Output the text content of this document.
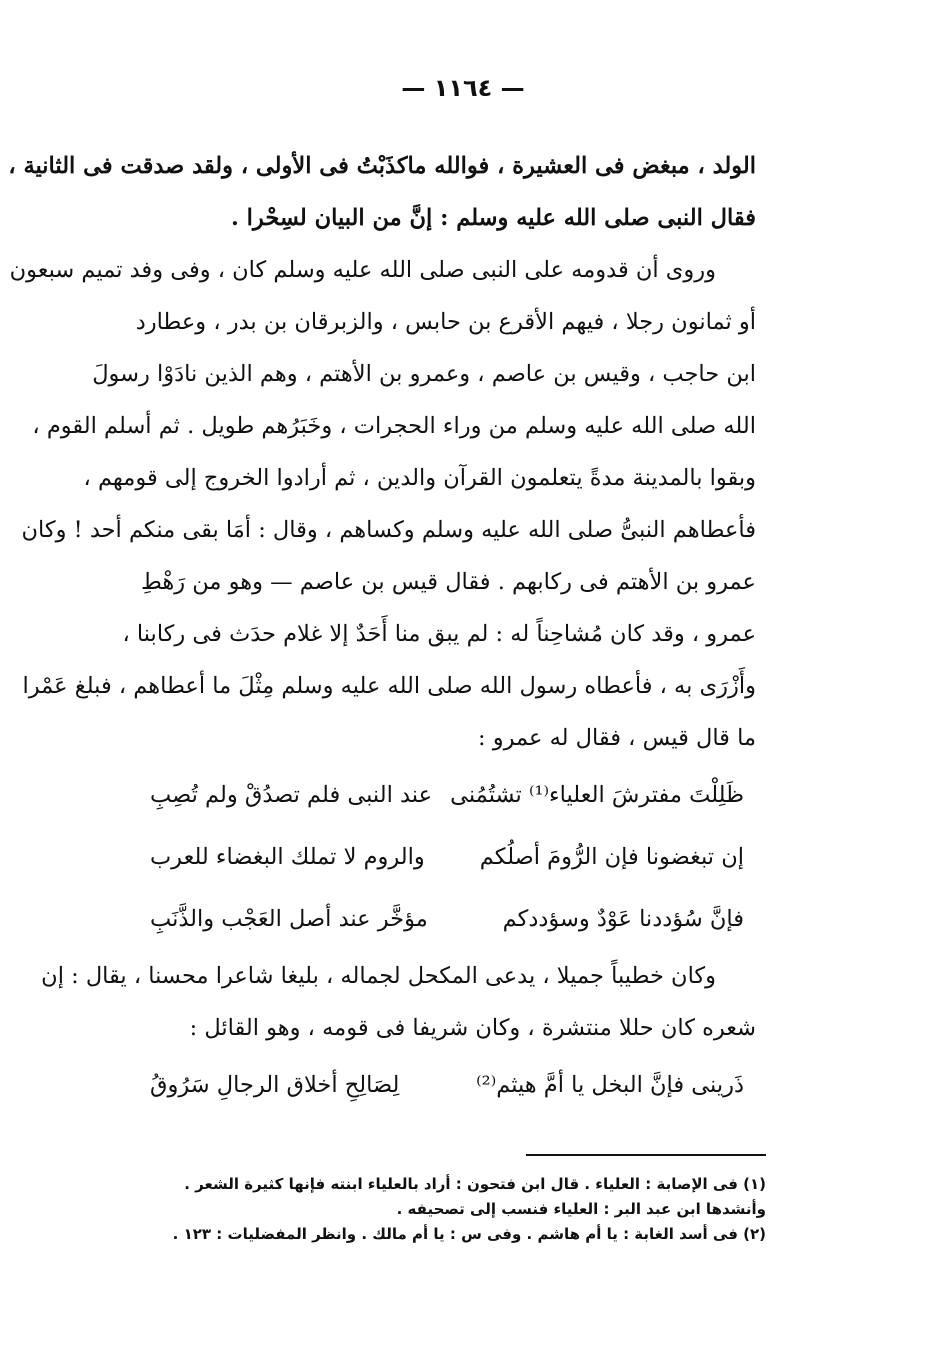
— ١١٦٤ —
الولد ، مبغض فى العشيرة ، فوالله ماكذَبْتُ فى الأولى ، ولقد صدقت فى الثانية ،
فقال النبى صلى الله عليه وسلم : إنَّ من البيان لسِحْرا .
وروى أن قدومه على النبى صلى الله عليه وسلم كان ، وفى وفد تميم سبعون
أو ثمانون رجلا ، فيهم الأقرع بن حابس ، والزبرقان بن بدر ، وعطارد
ابن حاجب ، وقيس بن عاصم ، وعمرو بن الأهتم ، وهم الذين نادَوْا رسولَ
الله صلى الله عليه وسلم من وراء الحجرات ، وخَبَرُهم طويل . ثم أسلم القوم ،
وبقوا بالمدينة مدةً يتعلمون القرآن والدين ، ثم أرادوا الخروج إلى قومهم ،
فأعطاهم النبىُّ صلى الله عليه وسلم وكساهم ، وقال : أمَا بقى منكم أحد ! وكان
عمرو بن الأهتم فى ركابهم . فقال قيس بن عاصم — وهو من رَهْطِ
عمرو ، وقد كان مُشاحِناً له : لم يبق منا أَحَدٌ إلا غلام حدَث فى ركابنا ،
وأَزْرَى به ، فأعطاه رسول الله صلى الله عليه وسلم مِثْلَ ما أعطاهم ، فبلغ عَمْرا
ما قال قيس ، فقال له عمرو :
ظَلِلْتَ مفترشَ العلياء⁽¹⁾ تشتُمُنى
عند النبى فلم تصدُقْ ولم تُصِبِ
إن تبغضونا فإن الرُّومَ أصلُكم
والروم لا تملك البغضاء للعرب
فإنَّ سُؤددنا عَوْدٌ وسؤددكم
مؤخَّر عند أصل العَجْب والذَّنَبِ
وكان خطيباً جميلا ، يدعى المكحل لجماله ، بليغا شاعرا محسنا ، يقال : إن
شعره كان حللا منتشرة ، وكان شريفا فى قومه ، وهو القائل :
ذَرينى فإنَّ البخل يا أمَّ هيثم⁽²⁾
لِصَالِحِ أخلاق الرجالِ سَرُوقُ
(١) فى الإصابة : العلياء . قال ابن فتحون : أراد بالعلياء ابنته فإنها كثيرة الشعر .
وأنشدها ابن عبد البر : العلياء فنسب إلى تصحيفه .
(٢) فى أسد الغابة : يا أم هاشم . وفى س : يا أم مالك . وانظر المفضليات : ١٢٣ .
